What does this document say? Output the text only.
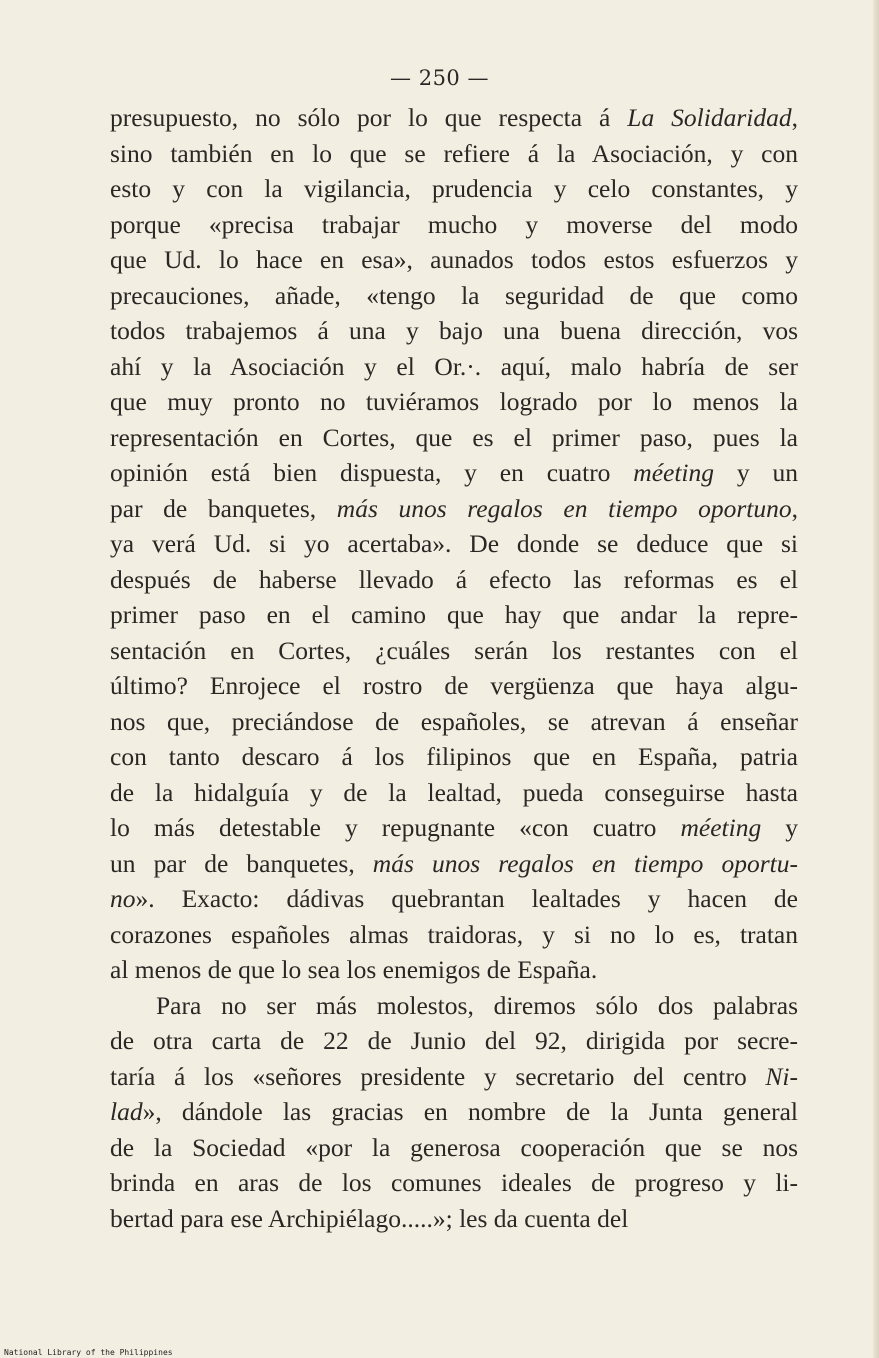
— 250 —
presupuesto, no sólo por lo que respecta á La Solidaridad,
sino también en lo que se refiere á la Asociación, y con
esto y con la vigilancia, prudencia y celo constantes, y
porque «precisa trabajar mucho y moverse del modo
que Ud. lo hace en esa», aunados todos estos esfuerzos y
precauciones, añade, «tengo la seguridad de que como
todos trabajemos á una y bajo una buena dirección, vos
ahí y la Asociación y el Or.·. aquí, malo habría de ser
que muy pronto no tuviéramos logrado por lo menos la
representación en Cortes, que es el primer paso, pues la
opinión está bien dispuesta, y en cuatro méeting y un
par de banquetes, más unos regalos en tiempo oportuno,
ya verá Ud. si yo acertaba». De donde se deduce que si
después de haberse llevado á efecto las reformas es el
primer paso en el camino que hay que andar la repre-
sentación en Cortes, ¿cuáles serán los restantes con el
último? Enrojece el rostro de vergüenza que haya algu-
nos que, preciándose de españoles, se atrevan á enseñar
con tanto descaro á los filipinos que en España, patria
de la hidalguía y de la lealtad, pueda conseguirse hasta
lo más detestable y repugnante «con cuatro méeting y
un par de banquetes, más unos regalos en tiempo oportu-
no». Exacto: dádivas quebrantan lealtades y hacen de
corazones españoles almas traidoras, y si no lo es, tratan
al menos de que lo sea los enemigos de España.
Para no ser más molestos, diremos sólo dos palabras
de otra carta de 22 de Junio del 92, dirigida por secre-
taría á los «señores presidente y secretario del centro Ni-
lad», dándole las gracias en nombre de la Junta general
de la Sociedad «por la generosa cooperación que se nos
brinda en aras de los comunes ideales de progreso y li-
bertad para ese Archipiélago.....»; les da cuenta del
National Library of the Philippines
